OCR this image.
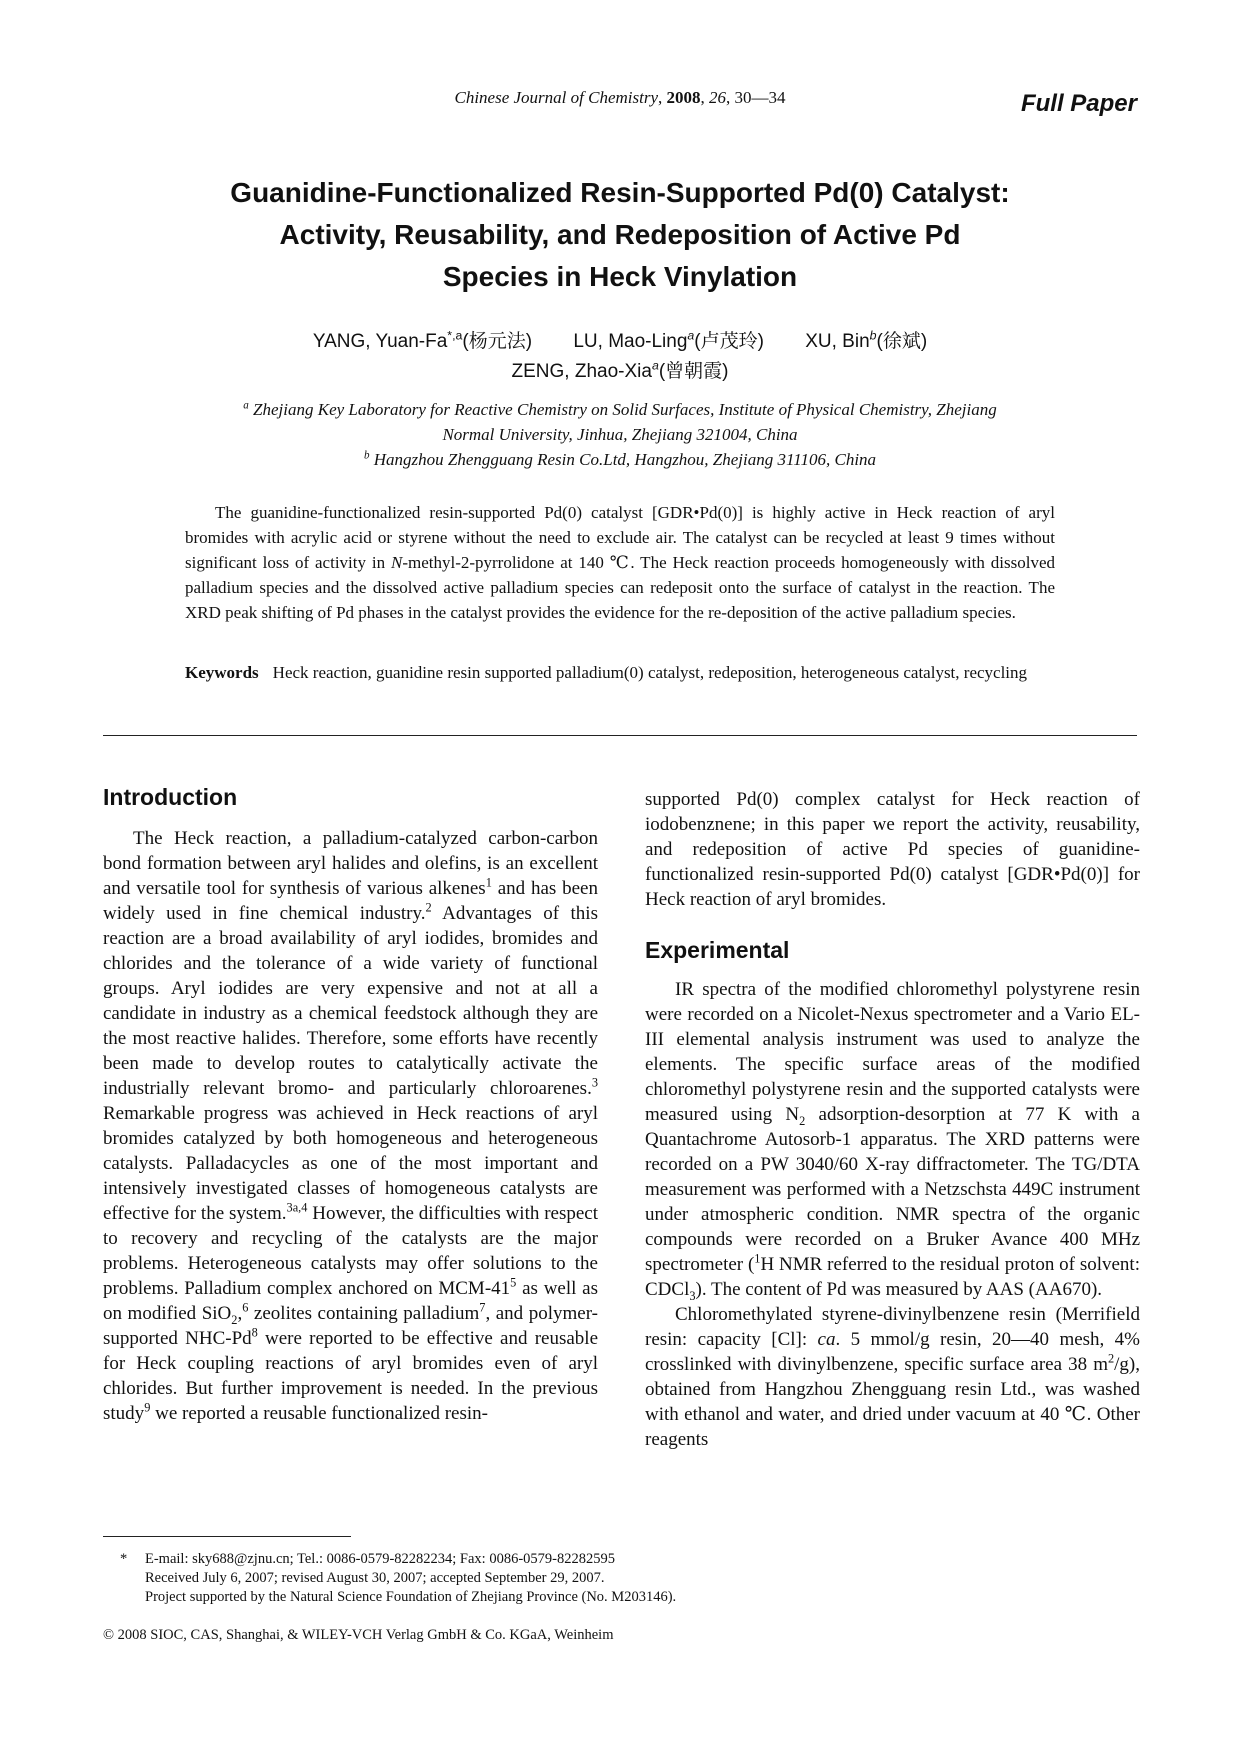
Chinese Journal of Chemistry, 2008, 26, 30—34	Full Paper
Guanidine-Functionalized Resin-Supported Pd(0) Catalyst:
Activity, Reusability, and Redeposition of Active Pd
Species in Heck Vinylation
YANG, Yuan-$Fa^{*,a}$(杨元法) LU, Mao-Ling$^a$(卢茂玲) XU, Bin$^b$(徐斌)
ZENG, Zhao-Xia$^a$(曾朝霞)
$^a$ Zhejiang Key Laboratory for Reactive Chemistry on Solid Surfaces, Institute of Physical Chemistry, Zhejiang
Normal University, Jinhua, Zhejiang 321004, China
$^b$ Hangzhou Zhengguang Resin Co.Ltd, Hangzhou, Zhejiang 311106, China

The guanidine-functionalized resin-supported Pd(0) catalyst [GDR•Pd(0)] is highly active in Heck reaction of aryl bromides with acrylic acid or styrene without the need to exclude air. The catalyst can be recycled at least 9 times without significant loss of activity in N-methyl-2-pyrrolidone at 140 ℃. The Heck reaction proceeds homogeneously with dissolved palladium species and the dissolved active palladium species can redeposit onto the surface of catalyst in the reaction. The XRD peak shifting of Pd phases in the catalyst provides the evidence for the re-deposition of the active palladium species.

Keywords Heck reaction, guanidine resin supported palladium(0) catalyst, redeposition, heterogeneous catalyst, recycling

Introduction

The Heck reaction, a palladium-catalyzed carbon-carbon bond formation between aryl halides and olefins, is an excellent and versatile tool for synthesis of various alkenes$^1$ and has been widely used in fine chemical industry.$^2$ Advantages of this reaction are a broad availability of aryl iodides, bromides and chlorides and the tolerance of a wide variety of functional groups. Aryl iodides are very expensive and not at all a candidate in industry as a chemical feedstock although they are the most reactive halides. Therefore, some efforts have recently been made to develop routes to catalytically activate the industrially relevant bromo- and particularly chloroarenes.$^3$ Remarkable progress was achieved in Heck reactions of aryl bromides catalyzed by both homogeneous and heterogeneous catalysts. Palladacycles as one of the most important and intensively investigated classes of homogeneous catalysts are effective for the system.$^{3a,4}$ However, the difficulties with respect to recovery and recycling of the catalysts are the major problems. Heterogeneous catalysts may offer solutions to the problems. Palladium complex anchored on MCM-$41^5$ as well as on modified SiO$_2$,$^6$ zeolites containing palladium$^7$, and polymer-supported NHC-Pd$^8$ were reported to be effective and reusable for Heck coupling reactions of aryl bromides even of aryl chlorides. But further improvement is needed. In the previous study$^9$ we reported a reusable functionalized resin-

supported Pd(0) complex catalyst for Heck reaction of iodobenznene; in this paper we report the activity, reusability, and redeposition of active Pd species of guanidine-functionalized resin-supported Pd(0) catalyst [GDR•Pd(0)] for Heck reaction of aryl bromides.

Experimental

IR spectra of the modified chloromethyl polystyrene resin were recorded on a Nicolet-Nexus spectrometer and a Vario EL-III elemental analysis instrument was used to analyze the elements. The specific surface areas of the modified chloromethyl polystyrene resin and the supported catalysts were measured using $N_2$ adsorption-desorption at 77 K with a Quantachrome Autosorb-1 apparatus. The XRD patterns were recorded on a PW 3040/60 X-ray diffractometer. The TG/DTA measurement was performed with a Netzschsta 449C instrument under atmospheric condition. NMR spectra of the organic compounds were recorded on a Bruker Avance 400 MHz spectrometer ($^1$H NMR referred to the residual proton of solvent: CDCl$_3$). The content of Pd was measured by AAS (AA670).

Chloromethylated styrene-divinylbenzene resin (Merrifield resin: capacity [Cl]: ca. 5 mmol/g resin, 20—40 mesh, 4% crosslinked with divinylbenzene, specific surface area 38 $m^2/g$), obtained from Hangzhou Zhengguang resin Ltd., was washed with ethanol and water, and dried under vacuum at 40 ℃. Other reagents

* E-mail: sky688@zjnu.cn; Tel.: 0086-0579-82282234; Fax: 0086-0579-82282595
Received July 6, 2007; revised August 30, 2007; accepted September 29, 2007.
Project supported by the Natural Science Foundation of Zhejiang Province (No. M203146).
© 2008 SIOC, CAS, Shanghai, & WILEY-VCH Verlag GmbH & Co. KGaA, Weinheim
